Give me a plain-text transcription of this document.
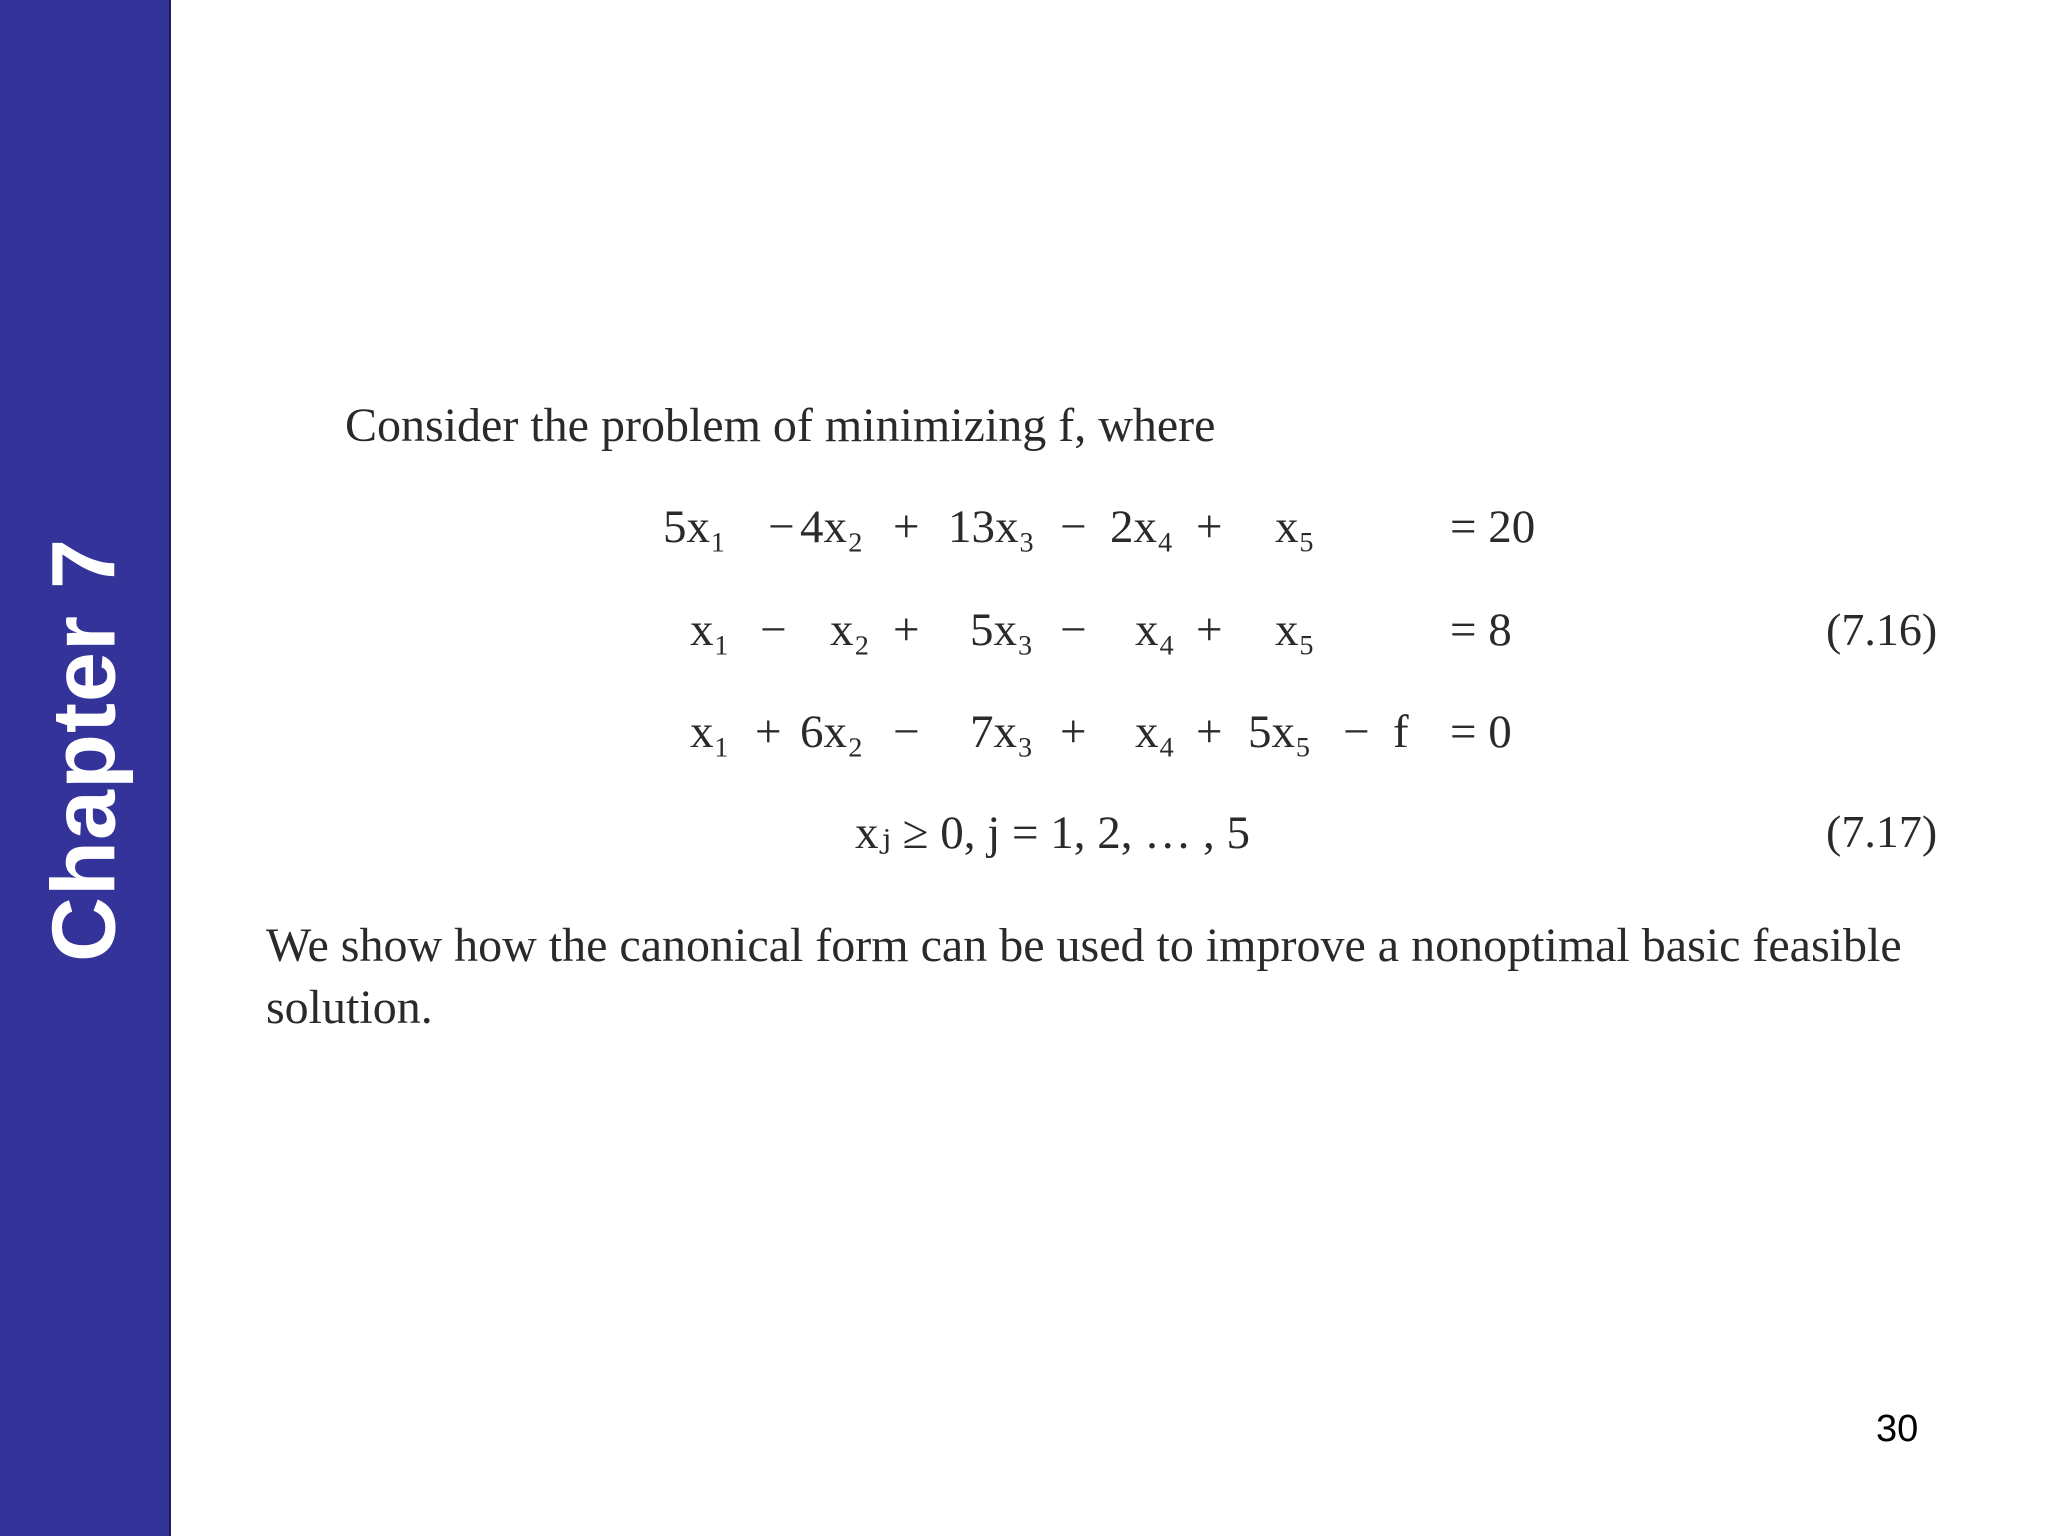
Chapter 7
Consider the problem of minimizing f, where
5x₁ − 4x₂ + 13x₃ − 2x₄ + x₅	= 20
x₁ − x₂ + 5x₃ − x₄ + x₅	= 8	(7.16)
x₁ + 6x₂ − 7x₃ + x₄ + 5x₅ − f = 0
xⱼ ≥ 0, j = 1, 2, … , 5	(7.17)
We show how the canonical form can be used to improve a nonoptimal basic feasible solution.
30
